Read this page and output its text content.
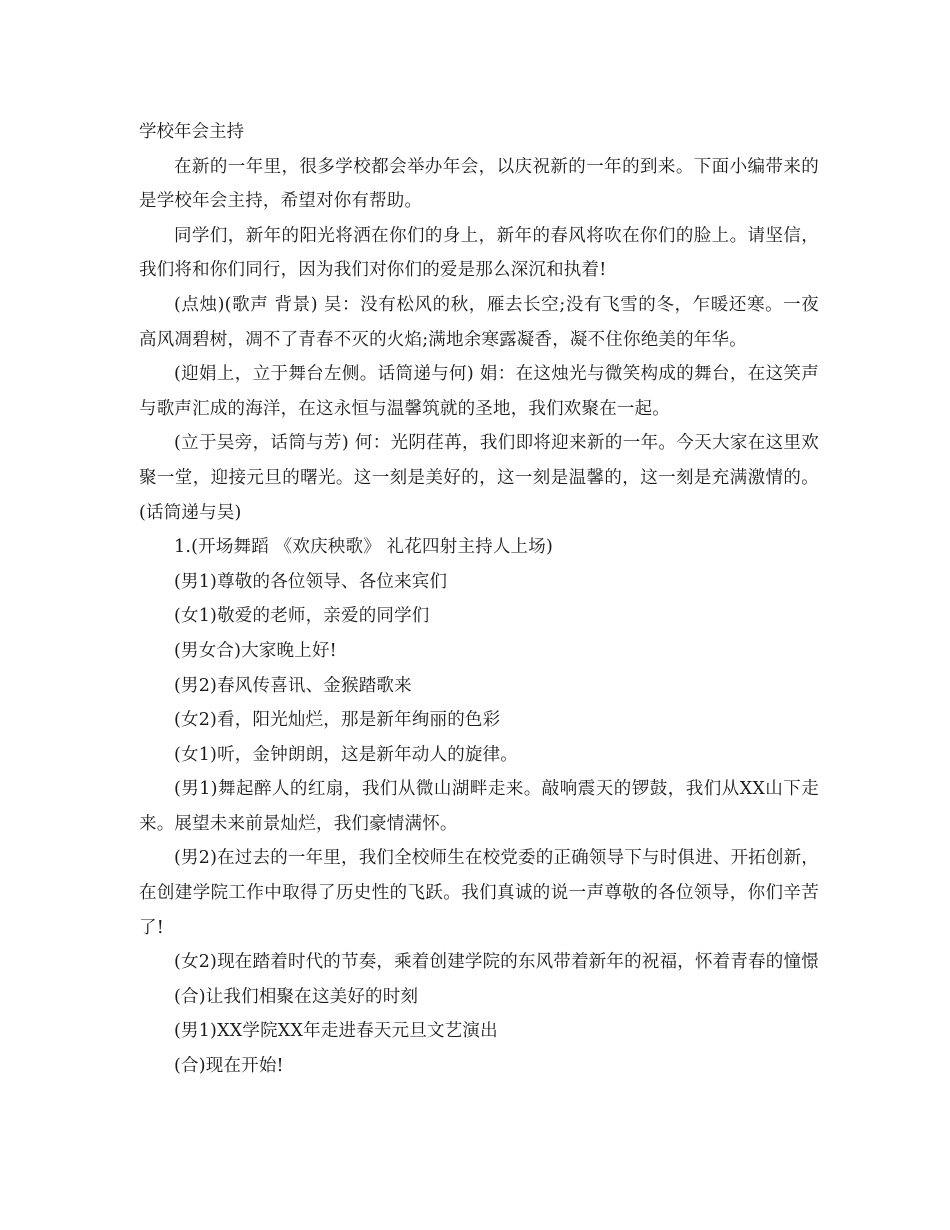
学校年会主持

在新的一年里，很多学校都会举办年会，以庆祝新的一年的到来。下面小编带来的是学校年会主持，希望对你有帮助。

同学们，新年的阳光将洒在你们的身上，新年的春风将吹在你们的脸上。请坚信，我们将和你们同行，因为我们对你们的爱是那么深沉和执着!

(点烛)(歌声 背景) 吴：没有松风的秋，雁去长空;没有飞雪的冬，乍暖还寒。一夜高风凋碧树，凋不了青春不灭的火焰;满地余寒露凝香，凝不住你绝美的年华。

(迎娟上，立于舞台左侧。话筒递与何) 娟：在这烛光与微笑构成的舞台，在这笑声与歌声汇成的海洋，在这永恒与温馨筑就的圣地，我们欢聚在一起。

(立于吴旁，话筒与芳) 何：光阴荏苒，我们即将迎来新的一年。今天大家在这里欢聚一堂，迎接元旦的曙光。这一刻是美好的，这一刻是温馨的，这一刻是充满激情的。(话筒递与吴)

1.(开场舞蹈 《欢庆秧歌》 礼花四射主持人上场)

(男1)尊敬的各位领导、各位来宾们

(女1)敬爱的老师，亲爱的同学们

(男女合)大家晚上好!

(男2)春风传喜讯、金猴踏歌来

(女2)看，阳光灿烂，那是新年绚丽的色彩

(女1)听，金钟朗朗，这是新年动人的旋律。

(男1)舞起醉人的红扇，我们从微山湖畔走来。敲响震天的锣鼓，我们从XX山下走来。展望未来前景灿烂，我们豪情满怀。

(男2)在过去的一年里，我们全校师生在校党委的正确领导下与时俱进、开拓创新，在创建学院工作中取得了历史性的飞跃。我们真诚的说一声尊敬的各位领导，你们辛苦了!

(女2)现在踏着时代的节奏，乘着创建学院的东风带着新年的祝福，怀着青春的憧憬

(合)让我们相聚在这美好的时刻

(男1)XX学院XX年走进春天元旦文艺演出

(合)现在开始!
